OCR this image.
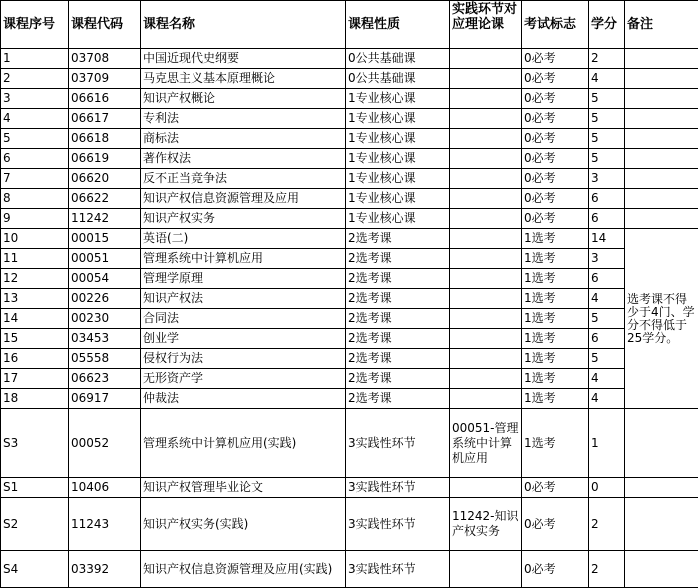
课程序号	课程代码	课程名称	课程性质	实践环节对应理论课	考试标志	学分	备注
1	03708	中国近现代史纲要	0公共基础课		0必考	2	
2	03709	马克思主义基本原理概论	0公共基础课		0必考	4	
3	06616	知识产权概论	1专业核心课		0必考	5	
4	06617	专利法	1专业核心课		0必考	5	
5	06618	商标法	1专业核心课		0必考	5	
6	06619	著作权法	1专业核心课		0必考	5	
7	06620	反不正当竞争法	1专业核心课		0必考	3	
8	06622	知识产权信息资源管理及应用	1专业核心课		0必考	6	
9	11242	知识产权实务	1专业核心课		0必考	6	
10	00015	英语(二)	2选考课		1选考	14	选考课不得少于4门、学分不得低于25学分。
11	00051	管理系统中计算机应用	2选考课		1选考	3	
12	00054	管理学原理	2选考课		1选考	6	
13	00226	知识产权法	2选考课		1选考	4	
14	00230	合同法	2选考课		1选考	5	
15	03453	创业学	2选考课		1选考	6	
16	05558	侵权行为法	2选考课		1选考	5	
17	06623	无形资产学	2选考课		1选考	4	
18	06917	仲裁法	2选考课		1选考	4	
S3	00052	管理系统中计算机应用(实践)	3实践性环节	00051-管理系统中计算机应用	1选考	1	
S1	10406	知识产权管理毕业论文	3实践性环节		0必考	0	
S2	11243	知识产权实务(实践)	3实践性环节	11242-知识产权实务	0必考	2	
S4	03392	知识产权信息资源管理及应用(实践)	3实践性环节		0必考	2	
